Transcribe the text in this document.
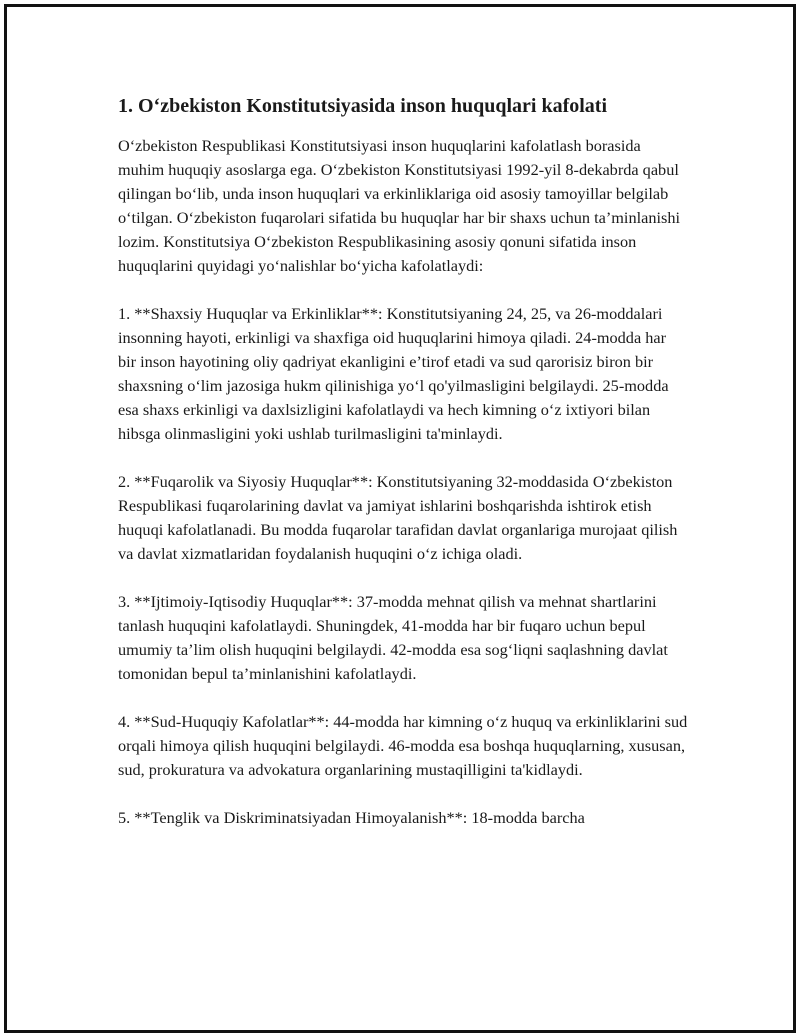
1. O‘zbekiston Konstitutsiyasida inson huquqlari kafolati

O‘zbekiston Respublikasi Konstitutsiyasi inson huquqlarini kafolatlash borasida muhim huquqiy asoslarga ega. O‘zbekiston Konstitutsiyasi 1992-yil 8-dekabrda qabul qilingan bo‘lib, unda inson huquqlari va erkinliklariga oid asosiy tamoyillar belgilab o‘tilgan. O‘zbekiston fuqarolari sifatida bu huquqlar har bir shaxs uchun ta’minlanishi lozim. Konstitutsiya O‘zbekiston Respublikasining asosiy qonuni sifatida inson huquqlarini quyidagi yo‘nalishlar bo‘yicha kafolatlaydi:

1. **Shaxsiy Huquqlar va Erkinliklar**: Konstitutsiyaning 24, 25, va 26-moddalari insonning hayoti, erkinligi va shaxfiga oid huquqlarini himoya qiladi. 24-modda har bir inson hayotining oliy qadriyat ekanligini e’tirof etadi va sud qarorisiz biron bir shaxsning o‘lim jazosiga hukm qilinishiga yo‘l qo'yilmasligini belgilaydi. 25-modda esa shaxs erkinligi va daxlsizligini kafolatlaydi va hech kimning o‘z ixtiyori bilan hibsga olinmasligini yoki ushlab turilmasligini ta'minlaydi.

2. **Fuqarolik va Siyosiy Huquqlar**: Konstitutsiyaning 32-moddasida O‘zbekiston Respublikasi fuqarolarining davlat va jamiyat ishlarini boshqarishda ishtirok etish huquqi kafolatlanadi. Bu modda fuqarolar tarafidan davlat organlariga murojaat qilish va davlat xizmatlaridan foydalanish huquqini o‘z ichiga oladi.

3. **Ijtimoiy-Iqtisodiy Huquqlar**: 37-modda mehnat qilish va mehnat shartlarini tanlash huquqini kafolatlaydi. Shuningdek, 41-modda har bir fuqaro uchun bepul umumiy ta’lim olish huquqini belgilaydi. 42-modda esa sog‘liqni saqlashning davlat tomonidan bepul ta’minlanishini kafolatlaydi.

4. **Sud-Huquqiy Kafolatlar**: 44-modda har kimning o‘z huquq va erkinliklarini sud orqali himoya qilish huquqini belgilaydi. 46-modda esa boshqa huquqlarning, xususan, sud, prokuratura va advokatura organlarining mustaqilligini ta'kidlaydi.

5. **Tenglik va Diskriminatsiyadan Himoyalanish**: 18-modda barcha
